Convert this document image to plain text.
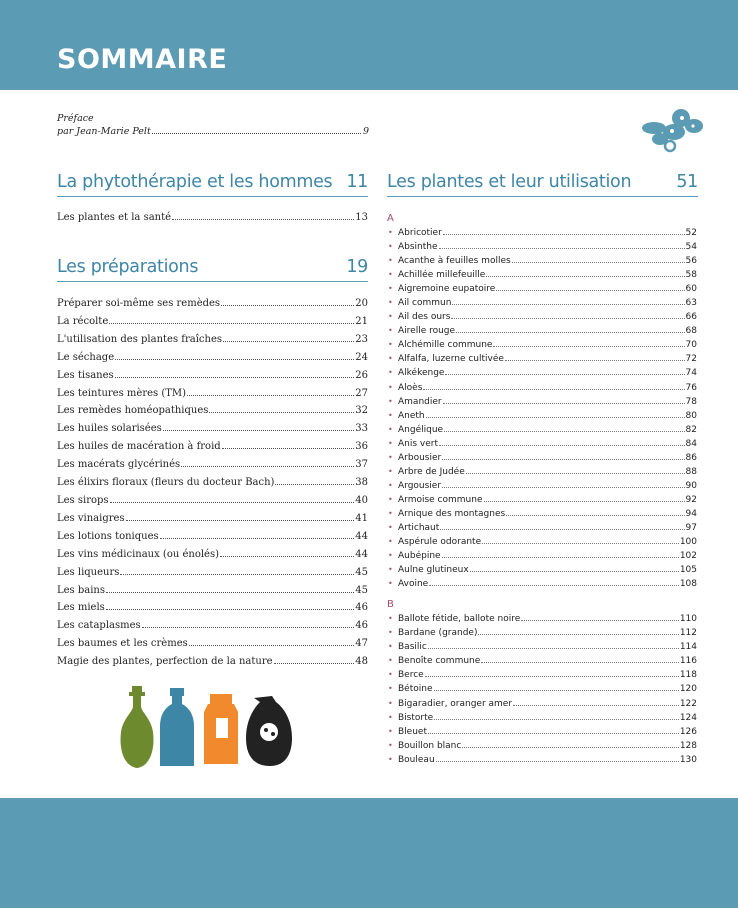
SOMMAIRE
Préface
par Jean-Marie Pelt	9
La phytothérapie et les hommes 11
Les plantes et la santé	13
Les préparations	19
Préparer soi-même ses remèdes	20
La récolte	21
L'utilisation des plantes fraîches	23
Le séchage	24
Les tisanes	26
Les teintures mères (TM)	27
Les remèdes homéopathiques	32
Les huiles solarisées	33
Les huiles de macération à froid	36
Les macérats glycérinés	37
Les élixirs floraux (fleurs du docteur Bach)	38
Les sirops	40
Les vinaigres	41
Les lotions toniques	44
Les vins médicinaux (ou énolés)	44
Les liqueurs	45
Les bains	45
Les miels	46
Les cataplasmes	46
Les baumes et les crèmes	47
Magie des plantes, perfection de la nature	48
Les plantes et leur utilisation	51
A
• Abricotier	52
• Absinthe	54
• Acanthe à feuilles molles	56
• Achillée millefeuille	58
• Aigremoine eupatoire	60
• Ail commun	63
• Ail des ours	66
• Airelle rouge	68
• Alchémille commune	70
• Alfalfa, luzerne cultivée	72
• Alkékenge	74
• Aloès	76
• Amandier	78
• Aneth	80
• Angélique	82
• Anis vert	84
• Arbousier	86
• Arbre de Judée	88
• Argousier	90
• Armoise commune	92
• Arnique des montagnes	94
• Artichaut	97
• Aspérule odorante	100
• Aubépine	102
• Aulne glutineux	105
• Avoine	108
B
• Ballote fétide, ballote noire	110
• Bardane (grande)	112
• Basilic	114
• Benoîte commune	116
• Berce	118
• Bétoine	120
• Bigaradier, oranger amer	122
• Bistorte	124
• Bleuet	126
• Bouillon blanc	128
• Bouleau	130
